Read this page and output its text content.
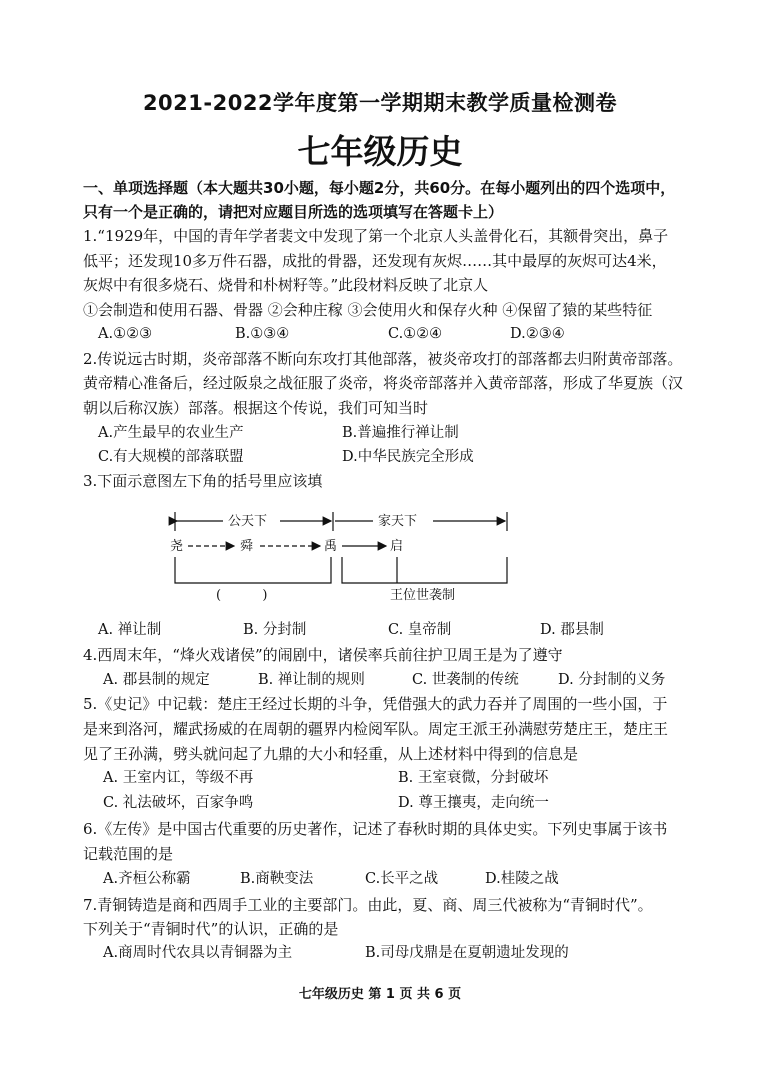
2021-2022学年度第一学期期末教学质量检测卷
七年级历史
一、单项选择题（本大题共30小题，每小题2分，共60分。在每小题列出的四个选项中，
只有一个是正确的，请把对应题目所选的选项填写在答题卡上）
1.“1929年，中国的青年学者裴文中发现了第一个北京人头盖骨化石，其额骨突出，鼻子
低平；还发现10多万件石器，成批的骨器，还发现有灰烬……其中最厚的灰烬可达4米，
灰烬中有很多烧石、烧骨和朴树籽等。”此段材料反映了北京人
①会制造和使用石器、骨器 ②会种庄稼 ③会使用火和保存火种 ④保留了猿的某些特征
A.①②③	B.①③④	C.①②④	D.②③④
2.传说远古时期，炎帝部落不断向东攻打其他部落，被炎帝攻打的部落都去归附黄帝部落。
黄帝精心准备后，经过阪泉之战征服了炎帝，将炎帝部落并入黄帝部落，形成了华夏族（汉
朝以后称汉族）部落。根据这个传说，我们可知当时
A.产生最早的农业生产	B.普遍推行禅让制
C.有大规模的部落联盟	D.中华民族完全形成
3.下面示意图左下角的括号里应该填
公天下	家天下
尧	舜	禹	启
(          )	王位世袭制
A. 禅让制	B. 分封制	C. 皇帝制	D. 郡县制
4.西周末年，“烽火戏诸侯”的闹剧中，诸侯率兵前往护卫周王是为了遵守
A. 郡县制的规定	B. 禅让制的规则	C. 世袭制的传统	D. 分封制的义务
5.《史记》中记载：楚庄王经过长期的斗争，凭借强大的武力吞并了周围的一些小国，于
是来到洛河，耀武扬威的在周朝的疆界内检阅军队。周定王派王孙满慰劳楚庄王，楚庄王
见了王孙满，劈头就问起了九鼎的大小和轻重，从上述材料中得到的信息是
A. 王室内讧，等级不再	B. 王室衰微，分封破坏
C. 礼法破坏，百家争鸣	D. 尊王攘夷，走向统一
6.《左传》是中国古代重要的历史著作，记述了春秋时期的具体史实。下列史事属于该书
记载范围的是
A.齐桓公称霸	B.商鞅变法	C.长平之战	D.桂陵之战
7.青铜铸造是商和西周手工业的主要部门。由此，夏、商、周三代被称为“青铜时代”。
下列关于“青铜时代”的认识，正确的是
A.商周时代农具以青铜器为主	B.司母戊鼎是在夏朝遗址发现的
七年级历史 第 1 页 共 6 页
